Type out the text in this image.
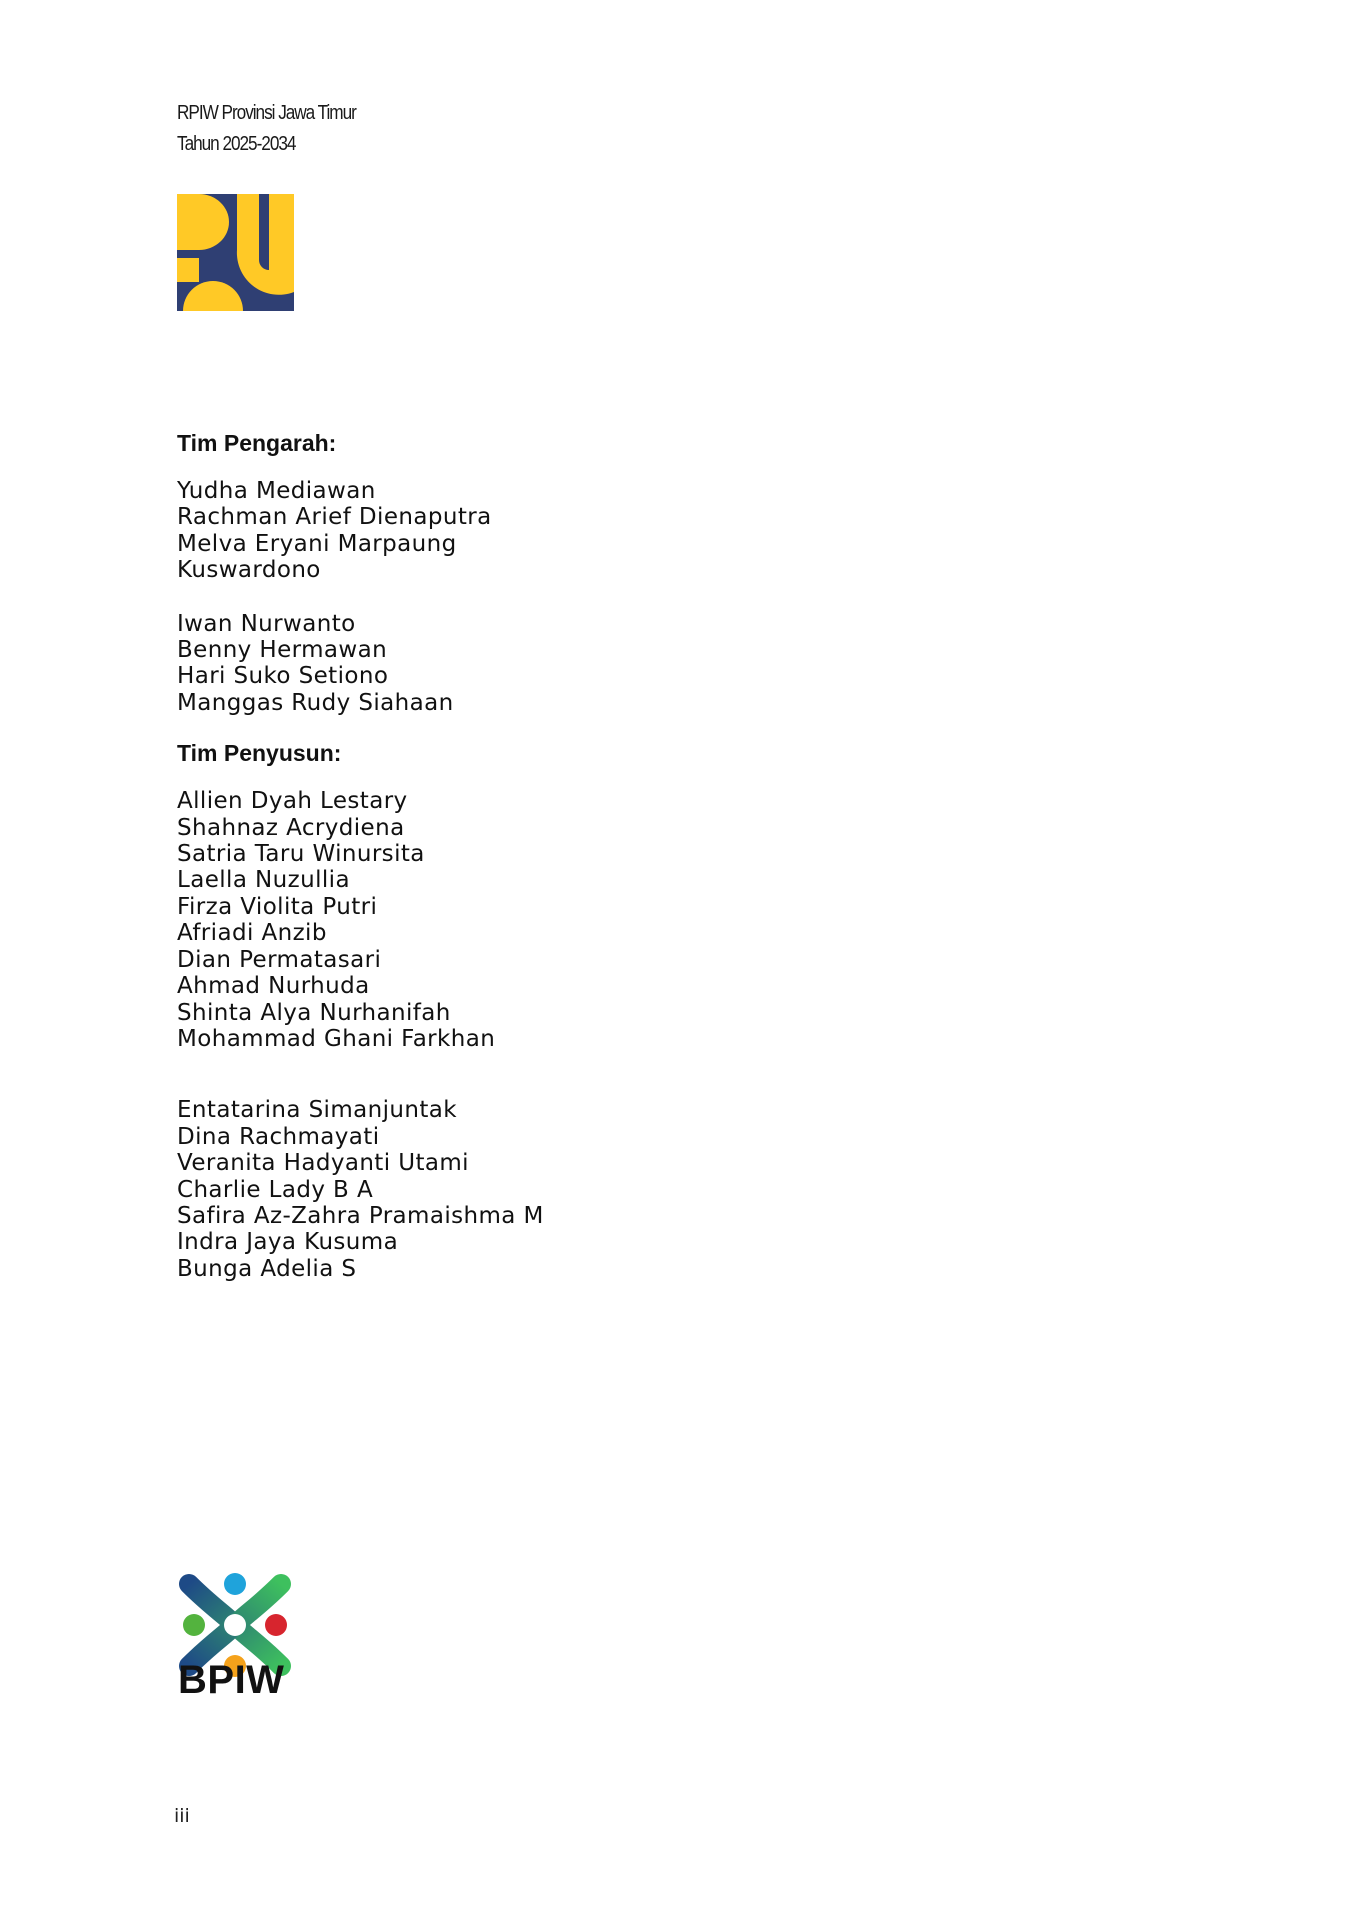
RPIW Provinsi Jawa Timur
Tahun 2025-2034
Tim Pengarah:
Yudha Mediawan
Rachman Arief Dienaputra
Melva Eryani Marpaung
Kuswardono
Iwan Nurwanto
Benny Hermawan
Hari Suko Setiono
Manggas Rudy Siahaan
Tim Penyusun:
Allien Dyah Lestary
Shahnaz Acrydiena
Satria Taru Winursita
Laella Nuzullia
Firza Violita Putri
Afriadi Anzib
Dian Permatasari
Ahmad Nurhuda
Shinta Alya Nurhanifah
Mohammad Ghani Farkhan
Entatarina Simanjuntak
Dina Rachmayati
Veranita Hadyanti Utami
Charlie Lady B A
Safira Az-Zahra Pramaishma M
Indra Jaya Kusuma
Bunga Adelia S
BPIW
iii
